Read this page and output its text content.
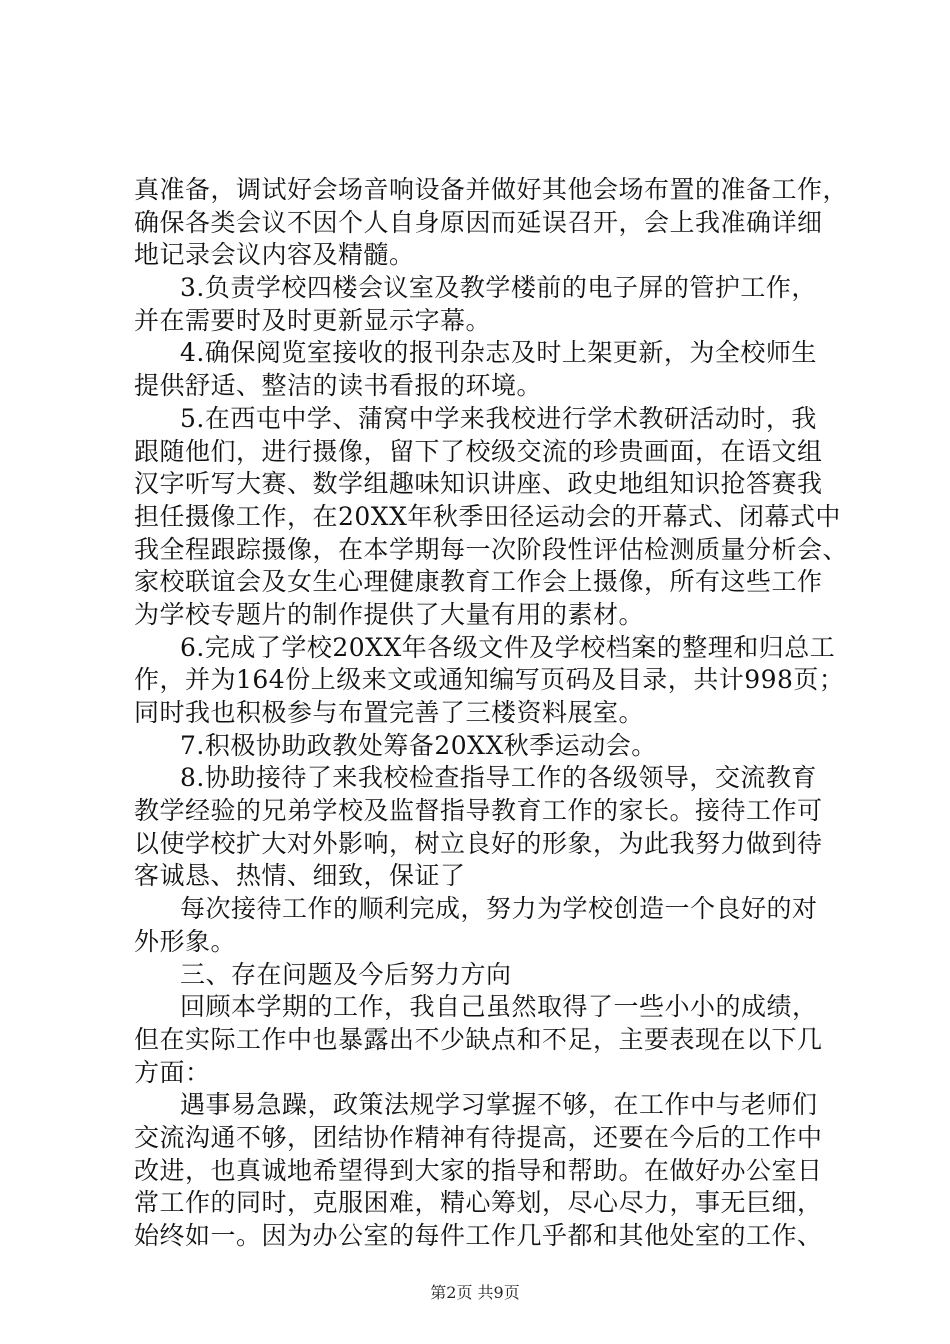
真准备，调试好会场音响设备并做好其他会场布置的准备工作，
确保各类会议不因个人自身原因而延误召开，会上我准确详细
地记录会议内容及精髓。
3.负责学校四楼会议室及教学楼前的电子屏的管护工作，
并在需要时及时更新显示字幕。
4.确保阅览室接收的报刊杂志及时上架更新，为全校师生
提供舒适、整洁的读书看报的环境。
5.在西屯中学、蒲窝中学来我校进行学术教研活动时，我
跟随他们，进行摄像，留下了校级交流的珍贵画面，在语文组
汉字听写大赛、数学组趣味知识讲座、政史地组知识抢答赛我
担任摄像工作，在20XX年秋季田径运动会的开幕式、闭幕式中
我全程跟踪摄像，在本学期每一次阶段性评估检测质量分析会、
家校联谊会及女生心理健康教育工作会上摄像，所有这些工作
为学校专题片的制作提供了大量有用的素材。
6.完成了学校20XX年各级文件及学校档案的整理和归总工
作，并为164份上级来文或通知编写页码及目录，共计998页；
同时我也积极参与布置完善了三楼资料展室。
7.积极协助政教处筹备20XX秋季运动会。
8.协助接待了来我校检查指导工作的各级领导，交流教育
教学经验的兄弟学校及监督指导教育工作的家长。接待工作可
以使学校扩大对外影响，树立良好的形象，为此我努力做到待
客诚恳、热情、细致，保证了
每次接待工作的顺利完成，努力为学校创造一个良好的对
外形象。
三、存在问题及今后努力方向
回顾本学期的工作，我自己虽然取得了一些小小的成绩，
但在实际工作中也暴露出不少缺点和不足，主要表现在以下几
方面：
遇事易急躁，政策法规学习掌握不够，在工作中与老师们
交流沟通不够，团结协作精神有待提高，还要在今后的工作中
改进，也真诚地希望得到大家的指导和帮助。在做好办公室日
常工作的同时，克服困难，精心筹划，尽心尽力，事无巨细，
始终如一。因为办公室的每件工作几乎都和其他处室的工作、
第2页 共9页
